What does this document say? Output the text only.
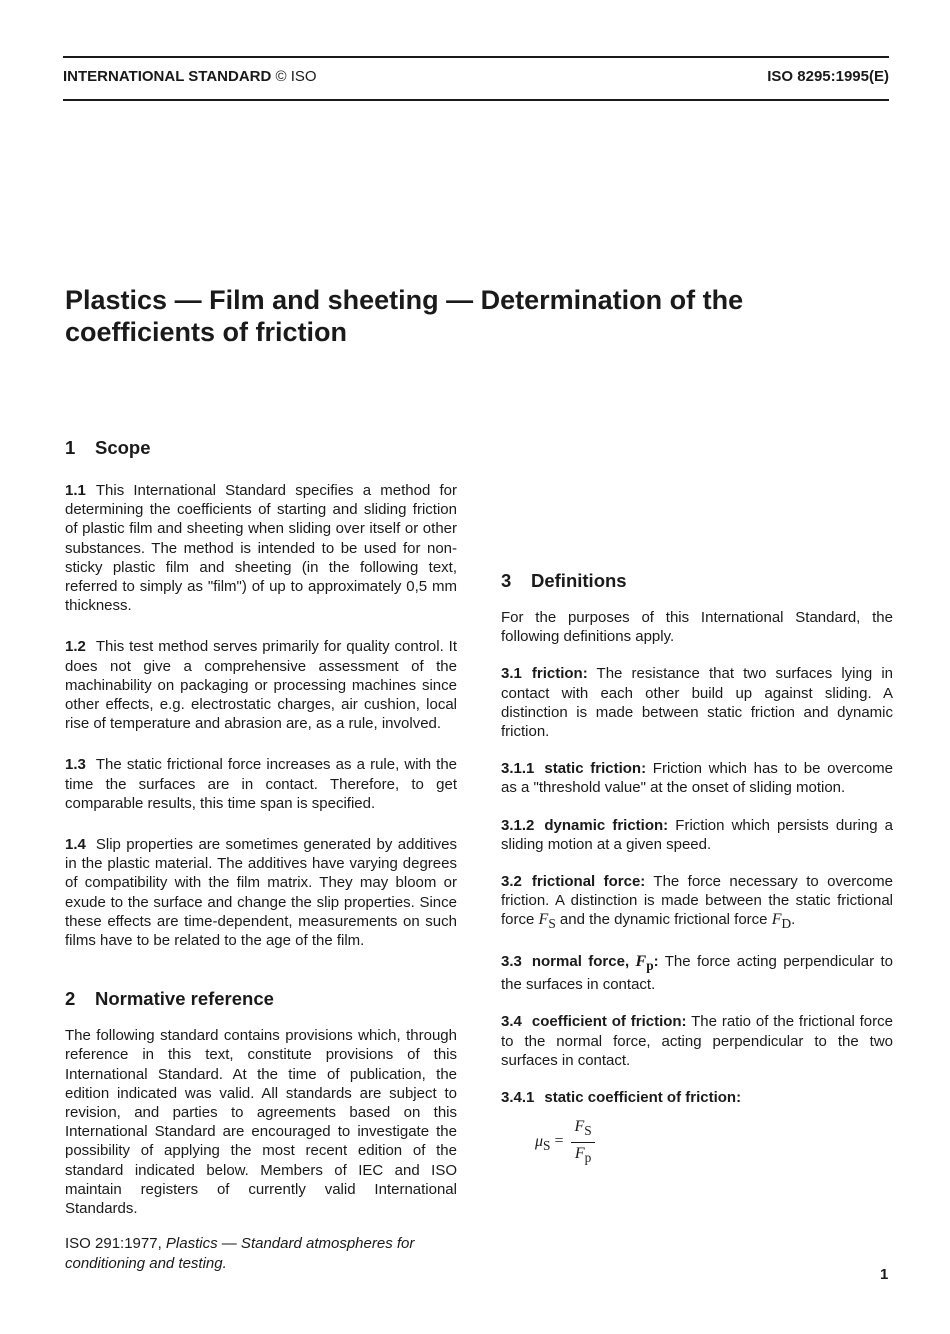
INTERNATIONAL STANDARD © ISO	ISO 8295:1995(E)
Plastics — Film and sheeting — Determination of the
coefficients of friction
1 Scope

1.1 This International Standard specifies a method for determining the coefficients of starting and sliding friction of plastic film and sheeting when sliding over itself or other substances. The method is intended to be used for non-sticky plastic film and sheeting (in the following text, referred to simply as "film") of up to approximately 0,5 mm thickness.

1.2 This test method serves primarily for quality control. It does not give a comprehensive assessment of the machinability on packaging or processing machines since other effects, e.g. electrostatic charges, air cushion, local rise of temperature and abrasion are, as a rule, involved.

1.3 The static frictional force increases as a rule, with the time the surfaces are in contact. Therefore, to get comparable results, this time span is specified.

1.4 Slip properties are sometimes generated by additives in the plastic material. The additives have varying degrees of compatibility with the film matrix. They may bloom or exude to the surface and change the slip properties. Since these effects are time-dependent, measurements on such films have to be related to the age of the film.

2 Normative reference

The following standard contains provisions which, through reference in this text, constitute provisions of this International Standard. At the time of publication, the edition indicated was valid. All standards are subject to revision, and parties to agreements based on this International Standard are encouraged to investigate the possibility of applying the most recent edition of the standard indicated below. Members of IEC and ISO maintain registers of currently valid International Standards.

ISO 291:1977, Plastics — Standard atmospheres for conditioning and testing.

3 Definitions

For the purposes of this International Standard, the following definitions apply.

3.1 friction: The resistance that two surfaces lying in contact with each other build up against sliding. A distinction is made between static friction and dynamic friction.

3.1.1 static friction: Friction which has to be overcome as a "threshold value" at the onset of sliding motion.

3.1.2 dynamic friction: Friction which persists during a sliding motion at a given speed.

3.2 frictional force: The force necessary to overcome friction. A distinction is made between the static frictional force $F_S$ and the dynamic frictional force $F_D$.

3.3 normal force, $F_p$: The force acting perpendicular to the surfaces in contact.

3.4 coefficient of friction: The ratio of the frictional force to the normal force, acting perpendicular to the two surfaces in contact.

3.4.1 static coefficient of friction:

$\mu_S = \frac{F_S}{F_p}$
1
